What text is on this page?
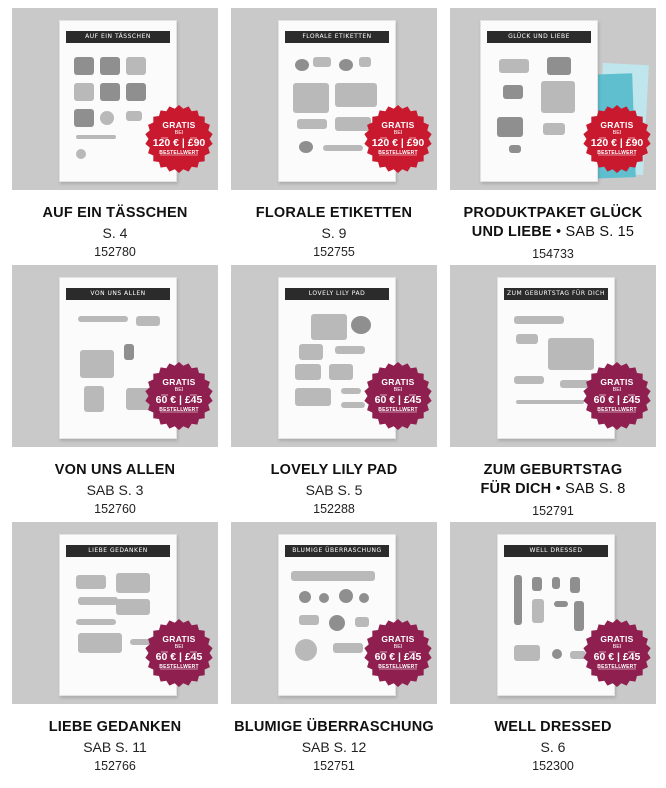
AUF EIN TÄSSCHEN
GRATIS
BEI
120 € | £90
BESTELLWERT
AUF EIN TÄSSCHEN
S. 4
152780
FLORALE ETIKETTEN
GRATIS
BEI
120 € | £90
BESTELLWERT
FLORALE ETIKETTEN
S. 9
152755
GLÜCK UND LIEBE
GRATIS
BEI
120 € | £90
BESTELLWERT
PRODUKTPAKET GLÜCK
UND LIEBE • SAB S. 15
154733
VON UNS ALLEN
GRATIS
BEI
60 € | £45
BESTELLWERT
VON UNS ALLEN
SAB S. 3
152760
LOVELY LILY PAD
GRATIS
BEI
60 € | £45
BESTELLWERT
LOVELY LILY PAD
SAB S. 5
152288
ZUM GEBURTSTAG FÜR DICH
GRATIS
BEI
60 € | £45
BESTELLWERT
ZUM GEBURTSTAG
FÜR DICH • SAB S. 8
152791
LIEBE GEDANKEN
GRATIS
BEI
60 € | £45
BESTELLWERT
LIEBE GEDANKEN
SAB S. 11
152766
BLUMIGE ÜBERRASCHUNG
GRATIS
BEI
60 € | £45
BESTELLWERT
BLUMIGE ÜBERRASCHUNG
SAB S. 12
152751
WELL DRESSED
GRATIS
BEI
60 € | £45
BESTELLWERT
WELL DRESSED
S. 6
152300
